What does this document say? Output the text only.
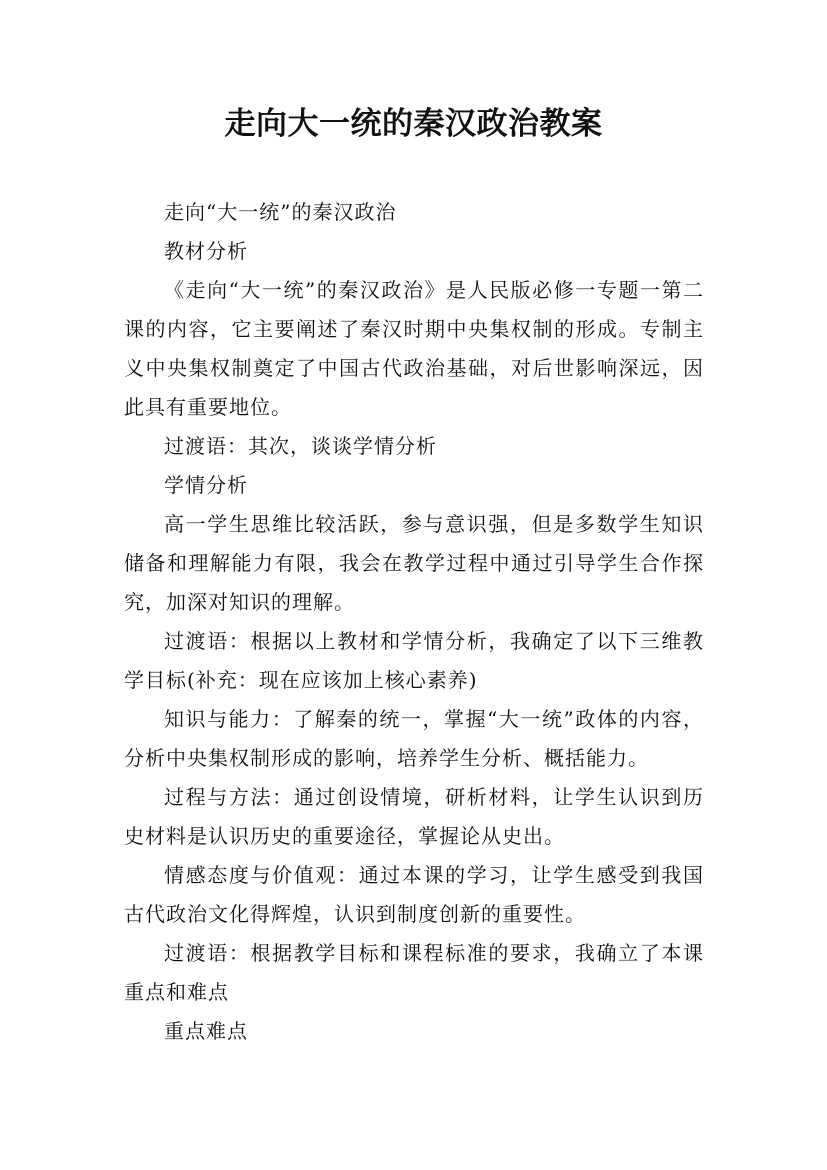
走向大一统的秦汉政治教案

走向“大一统”的秦汉政治

教材分析

《走向“大一统”的秦汉政治》是人民版必修一专题一第二课的内容，它主要阐述了秦汉时期中央集权制的形成。专制主义中央集权制奠定了中国古代政治基础，对后世影响深远，因此具有重要地位。

过渡语：其次，谈谈学情分析

学情分析

高一学生思维比较活跃，参与意识强，但是多数学生知识储备和理解能力有限，我会在教学过程中通过引导学生合作探究，加深对知识的理解。

过渡语：根据以上教材和学情分析，我确定了以下三维教学目标(补充：现在应该加上核心素养)

知识与能力：了解秦的统一，掌握“大一统”政体的内容，分析中央集权制形成的影响，培养学生分析、概括能力。

过程与方法：通过创设情境，研析材料，让学生认识到历史材料是认识历史的重要途径，掌握论从史出。

情感态度与价值观：通过本课的学习，让学生感受到我国古代政治文化得辉煌，认识到制度创新的重要性。

过渡语：根据教学目标和课程标准的要求，我确立了本课重点和难点

重点难点
